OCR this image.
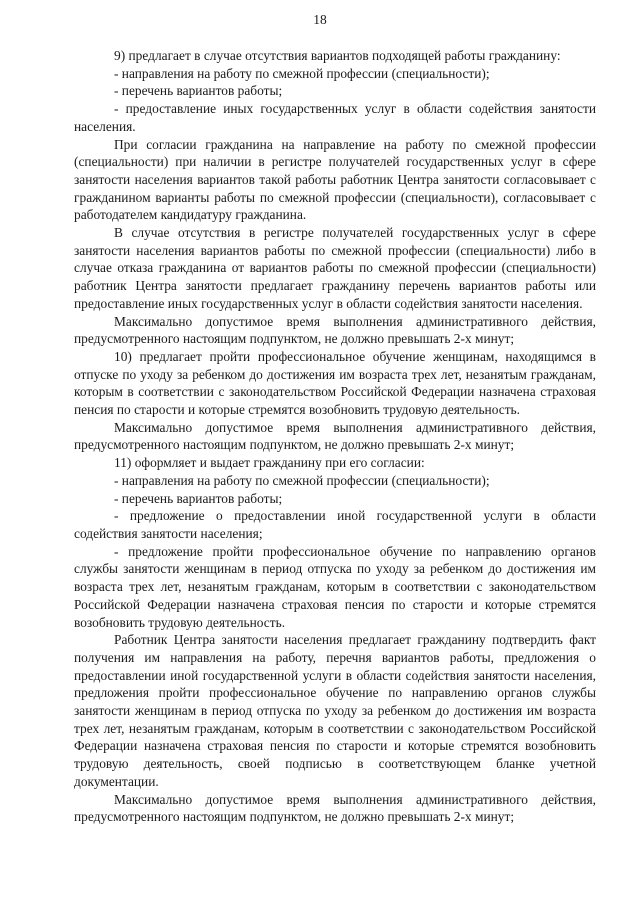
18

9) предлагает в случае отсутствия вариантов подходящей работы гражданину:

- направления на работу по смежной профессии (специальности);

- перечень вариантов работы;

- предоставление иных государственных услуг в области содействия занятости населения.

При согласии гражданина на направление на работу по смежной профессии (специальности) при наличии в регистре получателей государственных услуг в сфере занятости населения вариантов такой работы работник Центра занятости согласовывает с гражданином варианты работы по смежной профессии (специальности), согласовывает с работодателем кандидатуру гражданина.

В случае отсутствия в регистре получателей государственных услуг в сфере занятости населения вариантов работы по смежной профессии (специальности) либо в случае отказа гражданина от вариантов работы по смежной профессии (специальности) работник Центра занятости предлагает гражданину перечень вариантов работы или предоставление иных государственных услуг в области содействия занятости населения.

Максимально допустимое время выполнения административного действия, предусмотренного настоящим подпунктом, не должно превышать 2-х минут;

10) предлагает пройти профессиональное обучение женщинам, находящимся в отпуске по уходу за ребенком до достижения им возраста трех лет, незанятым гражданам, которым в соответствии с законодательством Российской Федерации назначена страховая пенсия по старости и которые стремятся возобновить трудовую деятельность.

Максимально допустимое время выполнения административного действия, предусмотренного настоящим подпунктом, не должно превышать 2-х минут;

11) оформляет и выдает гражданину при его согласии:

- направления на работу по смежной профессии (специальности);

- перечень вариантов работы;

- предложение о предоставлении иной государственной услуги в области содействия занятости населения;

- предложение пройти профессиональное обучение по направлению органов службы занятости женщинам в период отпуска по уходу за ребенком до достижения им возраста трех лет, незанятым гражданам, которым в соответствии с законодательством Российской Федерации назначена страховая пенсия по старости и которые стремятся возобновить трудовую деятельность.

Работник Центра занятости населения предлагает гражданину подтвердить факт получения им направления на работу, перечня вариантов работы, предложения о предоставлении иной государственной услуги в области содействия занятости населения, предложения пройти профессиональное обучение по направлению органов службы занятости женщинам в период отпуска по уходу за ребенком до достижения им возраста трех лет, незанятым гражданам, которым в соответствии с законодательством Российской Федерации назначена страховая пенсия по старости и которые стремятся возобновить трудовую деятельность, своей подписью в соответствующем бланке учетной документации.

Максимально допустимое время выполнения административного действия, предусмотренного настоящим подпунктом, не должно превышать 2-х минут;
